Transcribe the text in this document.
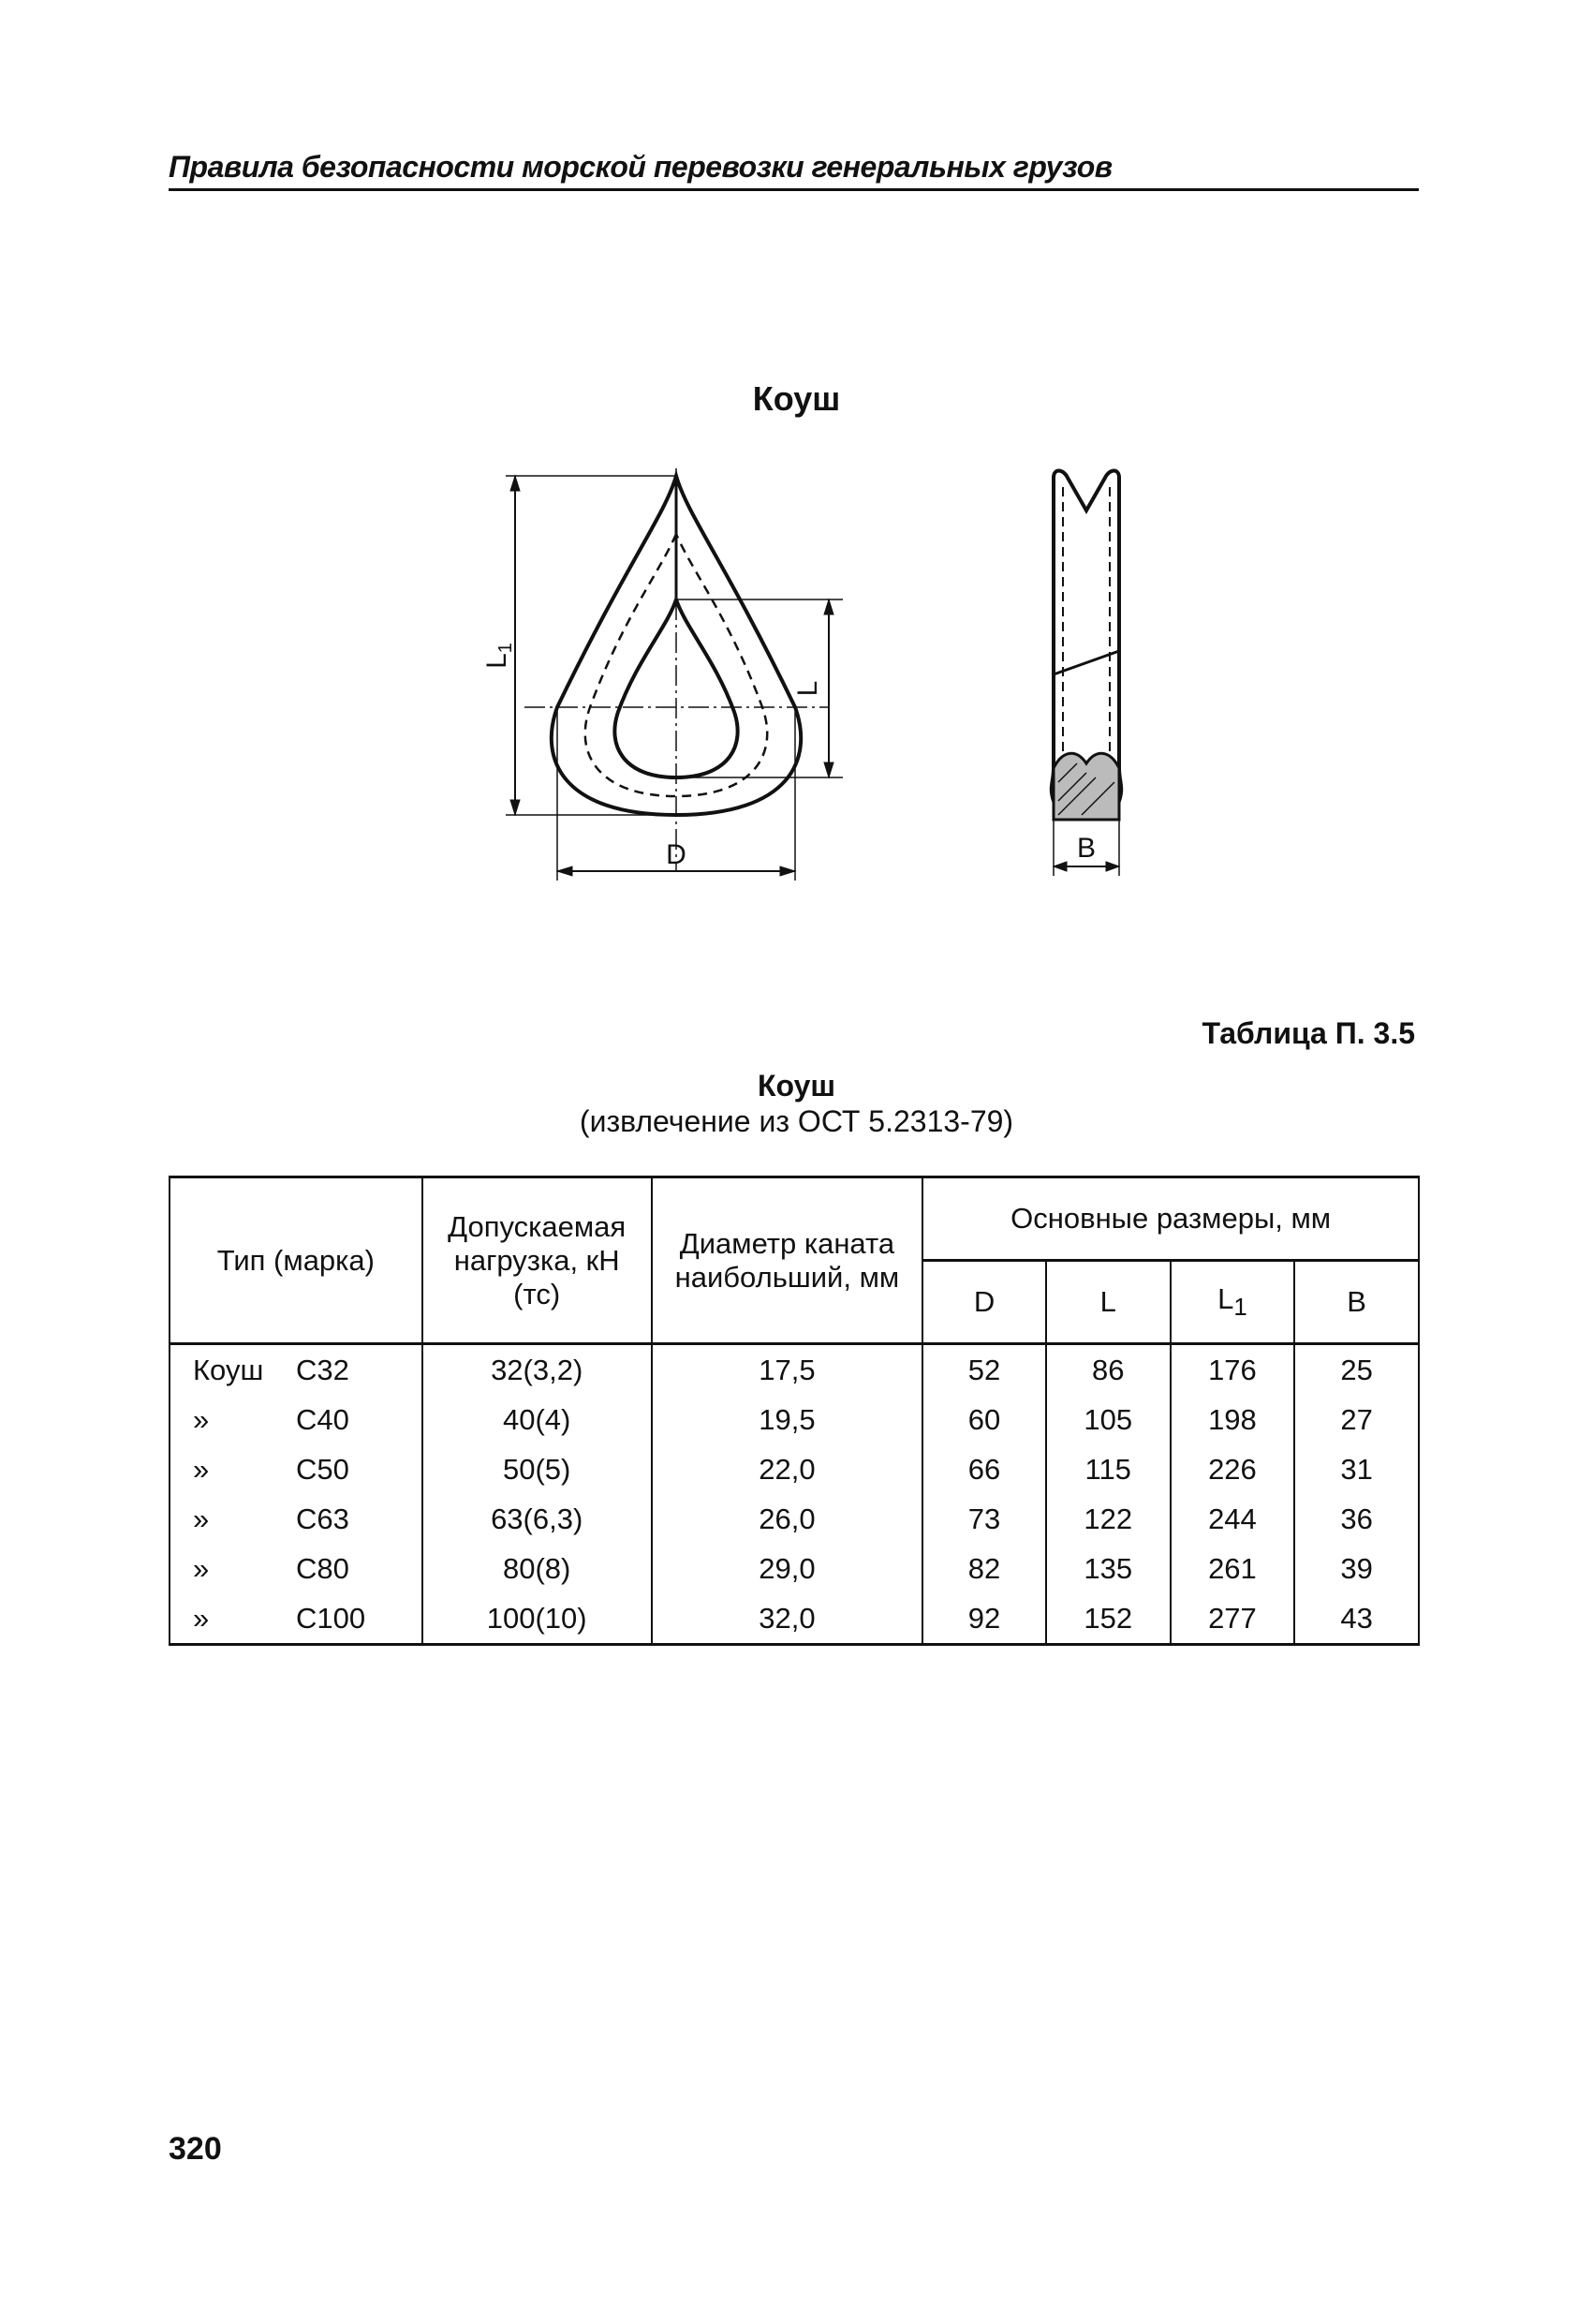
Правила безопасности морской перевозки генеральных грузов
Коуш
$L_1$
L
D	B
Таблица П. 3.5
Коуш
(извлечение из ОСТ 5.2313-79)
Тип (марка)	Допускаемая нагрузка, кН (тс)	Диаметр каната наибольший, мм	Основные размеры, мм			
			D	L	$L_1$	B
Коуш С32	32(3,2)	17,5	52	86	176	25
» С40	40(4)	19,5	60	105	198	27
» С50	50(5)	22,0	66	115	226	31
» С63	63(6,3)	26,0	73	122	244	36
» С80	80(8)	29,0	82	135	261	39
» С100	100(10)	32,0	92	152	277	43
320
